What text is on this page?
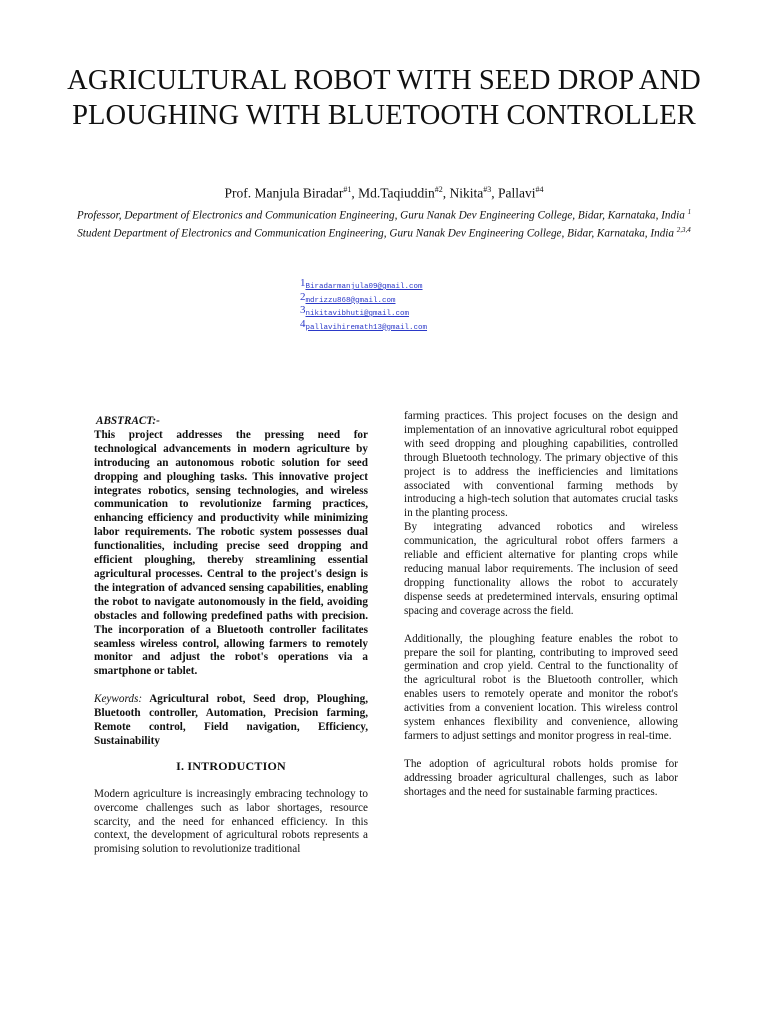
AGRICULTURAL ROBOT WITH SEED DROP AND PLOUGHING WITH BLUETOOTH CONTROLLER
Prof. Manjula Biradar$^{\#1}$, Md.Taqiuddin$^{\#2}$, Nikita$^{\#3}$, Pallavi$^{\#4}$

Professor, Department of Electronics and Communication Engineering, Guru Nanak Dev Engineering College, Bidar, Karnataka, India $^1$

Student Department of Electronics and Communication Engineering, Guru Nanak Dev Engineering College, Bidar, Karnataka, India $^{2,3,4}$

1Biradarmanjula09@gmail.com
2mdrizzu868@gmail.com
3nikitavibhuti@gmail.com
4pallavihiremath13@gmail.com

ABSTRACT:-

This project addresses the pressing need for technological advancements in modern agriculture by introducing an autonomous robotic solution for seed dropping and ploughing tasks. This innovative project integrates robotics, sensing technologies, and wireless communication to revolutionize farming practices, enhancing efficiency and productivity while minimizing labor requirements. The robotic system possesses dual functionalities, including precise seed dropping and efficient ploughing, thereby streamlining essential agricultural processes. Central to the project's design is the integration of advanced sensing capabilities, enabling the robot to navigate autonomously in the field, avoiding obstacles and following predefined paths with precision. The incorporation of a Bluetooth controller facilitates seamless wireless control, allowing farmers to remotely monitor and adjust the robot's operations via a smartphone or tablet.

Keywords: Agricultural robot, Seed drop, Ploughing, Bluetooth controller, Automation, Precision farming, Remote control, Field navigation, Efficiency, Sustainability

I. INTRODUCTION

Modern agriculture is increasingly embracing technology to overcome challenges such as labor shortages, resource scarcity, and the need for enhanced efficiency. In this context, the development of agricultural robots represents a promising solution to revolutionize traditional

farming practices. This project focuses on the design and implementation of an innovative agricultural robot equipped with seed dropping and ploughing capabilities, controlled through Bluetooth technology. The primary objective of this project is to address the inefficiencies and limitations associated with conventional farming methods by introducing a high-tech solution that automates crucial tasks in the planting process.

By integrating advanced robotics and wireless communication, the agricultural robot offers farmers a reliable and efficient alternative for planting crops while reducing manual labor requirements. The inclusion of seed dropping functionality allows the robot to accurately dispense seeds at predetermined intervals, ensuring optimal spacing and coverage across the field.

Additionally, the ploughing feature enables the robot to prepare the soil for planting, contributing to improved seed germination and crop yield. Central to the functionality of the agricultural robot is the Bluetooth controller, which enables users to remotely operate and monitor the robot's activities from a convenient location. This wireless control system enhances flexibility and convenience, allowing farmers to adjust settings and monitor progress in real-time.

The adoption of agricultural robots holds promise for addressing broader agricultural challenges, such as labor shortages and the need for sustainable farming practices.
